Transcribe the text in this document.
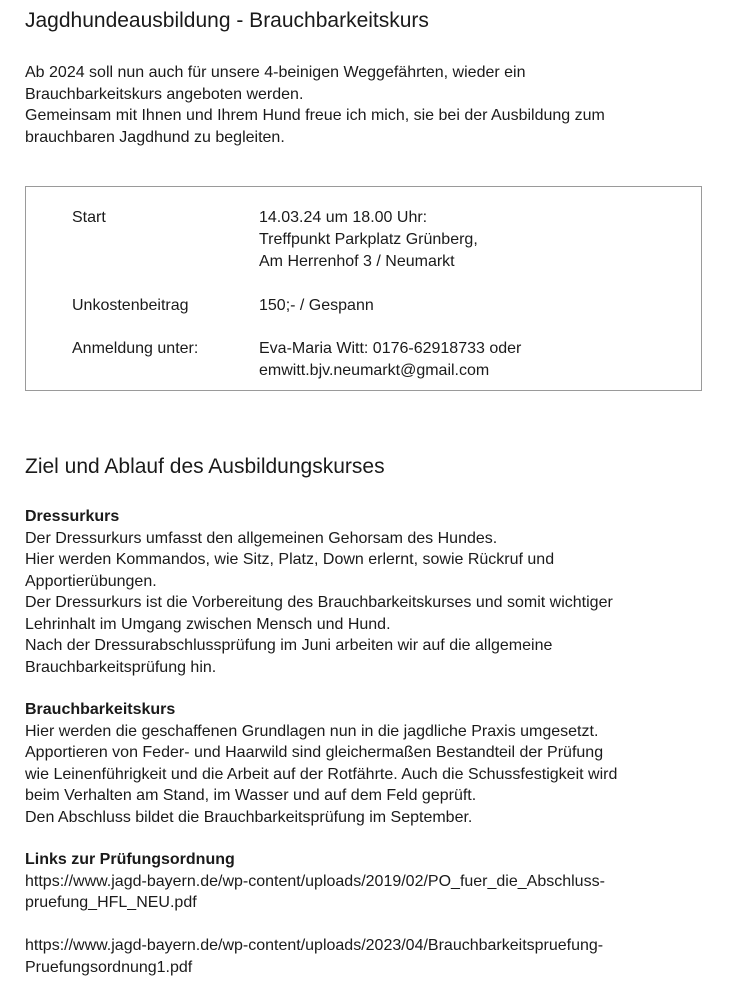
Jagdhundeausbildung - Brauchbarkeitskurs

Ab 2024 soll nun auch für unsere 4-beinigen Weggefährten, wieder ein

Brauchbarkeitskurs angeboten werden.

Gemeinsam mit Ihnen und Ihrem Hund freue ich mich, sie bei der Ausbildung zum

brauchbaren Jagdhund zu begleiten.

Start	14.03.24 um 18.00 Uhr:

Treffpunkt Parkplatz Grünberg,

Am Herrenhof 3 / Neumarkt

Unkostenbeitrag	150;- / Gespann

Anmeldung unter:	Eva-Maria Witt: 0176-62918733 oder

emwitt.bjv.neumarkt@gmail.com

Ziel und Ablauf des Ausbildungskurses
Dressurkurs

Der Dressurkurs umfasst den allgemeinen Gehorsam des Hundes.

Hier werden Kommandos, wie Sitz, Platz, Down erlernt, sowie Rückruf und

Apportierübungen.

Der Dressurkurs ist die Vorbereitung des Brauchbarkeitskurses und somit wichtiger

Lehrinhalt im Umgang zwischen Mensch und Hund.

Nach der Dressurabschlussprüfung im Juni arbeiten wir auf die allgemeine

Brauchbarkeitsprüfung hin.

Brauchbarkeitskurs

Hier werden die geschaffenen Grundlagen nun in die jagdliche Praxis umgesetzt.

Apportieren von Feder- und Haarwild sind gleichermaßen Bestandteil der Prüfung

wie Leinenführigkeit und die Arbeit auf der Rotfährte. Auch die Schussfestigkeit wird

beim Verhalten am Stand, im Wasser und auf dem Feld geprüft.

Den Abschluss bildet die Brauchbarkeitsprüfung im September.

Links zur Prüfungsordnung
https://www.jagd-bayern.de/wp-content/uploads/2019/02/PO_fuer_die_Abschluss-
pruefung_HFL_NEU.pdf
https://www.jagd-bayern.de/wp-content/uploads/2023/04/Brauchbarkeitspruefung-
Pruefungsordnung1.pdf
